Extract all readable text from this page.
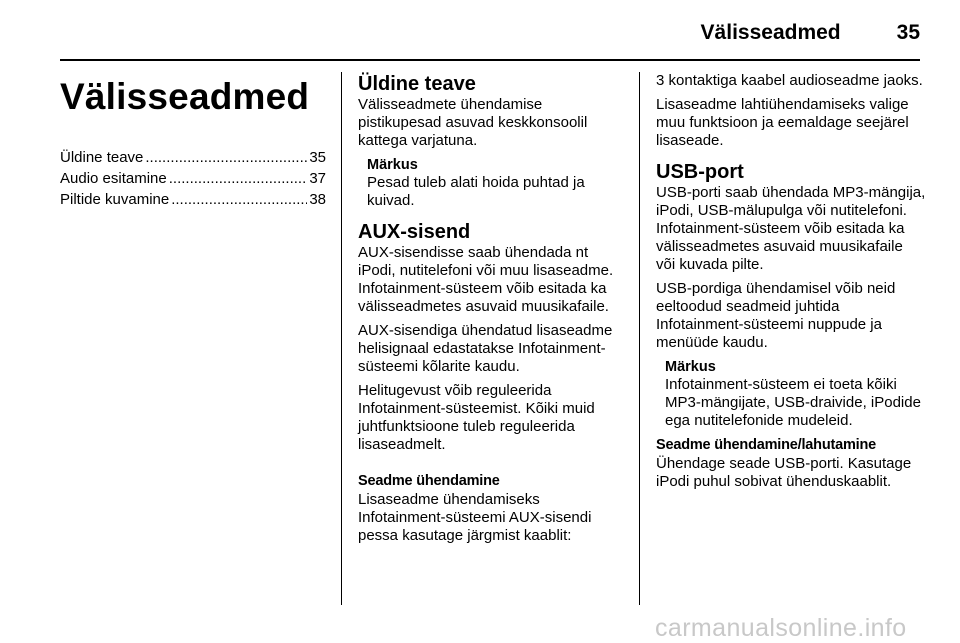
Välisseadmed	35
Välisseadmed
Üldine teave .....	35
Audio esitamine .....	37
Piltide kuvamine .....	38
Üldine teave

Välisseadmete ühendamise

pistikupesad asuvad keskkonsoolil kattega varjatuna.

Märkus
Pesad tuleb alati hoida puhtad ja kuivad.
AUX-sisend

AUX-sisendisse saab ühendada nt iPodi, nutitelefoni või muu lisaseadme. Infotainment-süsteem võib esitada ka välisseadmetes asuvaid muusikafaile.

AUX-sisendiga ühendatud lisaseadme helisignaal edastatakse Infotainment-süsteemi kõlarite kaudu.

Helitugevust võib reguleerida Infotainment-süsteemist. Kõiki muid juhtfunktsioone tuleb reguleerida lisaseadmelt.

Seadme ühendamine

Lisaseadme ühendamiseks Infotainment-süsteemi AUX-sisendi pessa kasutage järgmist kaablit:

3 kontaktiga kaabel audioseadme jaoks.

Lisaseadme lahtiühendamiseks valige muu funktsioon ja eemaldage seejärel lisaseade.

USB-port

USB-porti saab ühendada MP3-mängija, iPodi, USB-mälupulga või nutitelefoni. Infotainment-süsteem võib esitada ka välisseadmetes asuvaid muusikafaile või kuvada pilte.

USB-pordiga ühendamisel võib neid eeltoodud seadmeid juhtida Infotainment-süsteemi nuppude ja menüüde kaudu.

Märkus
Infotainment-süsteem ei toeta kõiki MP3-mängijate, USB-draivide, iPodide ega nutitelefonide mudeleid.
Seadme ühendamine/lahutamine

Ühendage seade USB-porti. Kasutage iPodi puhul sobivat ühenduskaablit.

carmanualsonline.info
